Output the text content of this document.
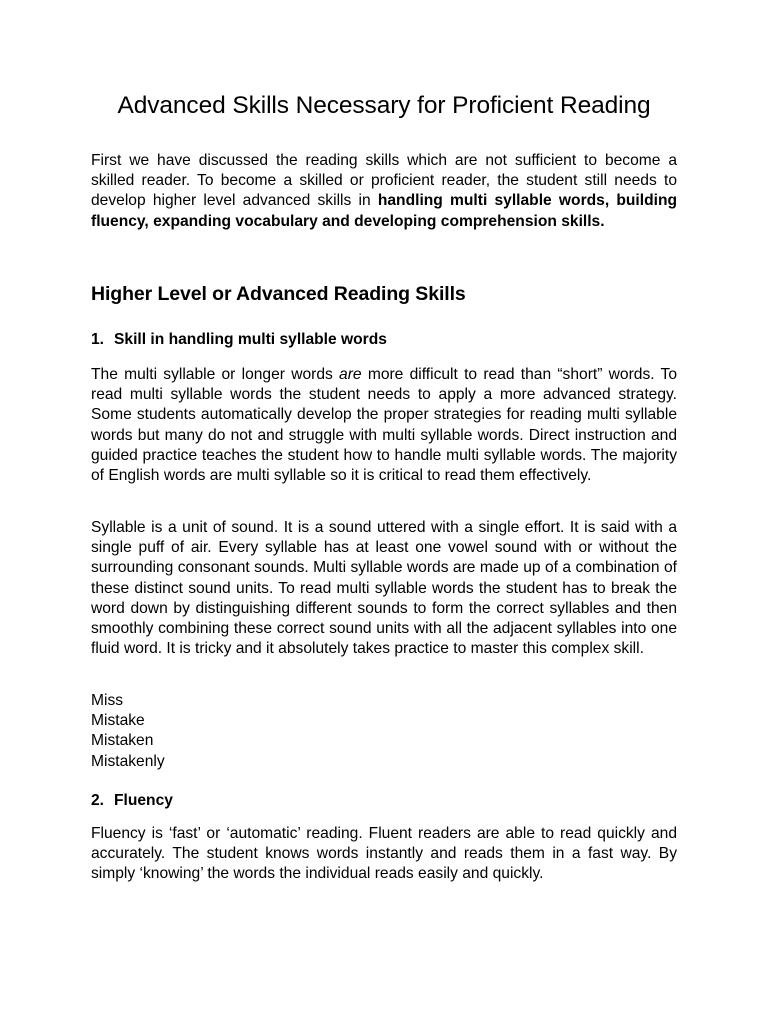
Advanced Skills Necessary for Proficient Reading

First we have discussed the reading skills which are not sufficient to become a skilled reader. To become a skilled or proficient reader, the student still needs to develop higher level advanced skills in handling multi syllable words, building fluency, expanding vocabulary and developing comprehension skills.

Higher Level or Advanced Reading Skills
1. Skill in handling multi syllable words

The multi syllable or longer words are more difficult to read than “short” words. To read multi syllable words the student needs to apply a more advanced strategy. Some students automatically develop the proper strategies for reading multi syllable words but many do not and struggle with multi syllable words. Direct instruction and guided practice teaches the student how to handle multi syllable words. The majority of English words are multi syllable so it is critical to read them effectively.

Syllable is a unit of sound. It is a sound uttered with a single effort. It is said with a single puff of air. Every syllable has at least one vowel sound with or without the surrounding consonant sounds. Multi syllable words are made up of a combination of these distinct sound units. To read multi syllable words the student has to break the word down by distinguishing different sounds to form the correct syllables and then smoothly combining these correct sound units with all the adjacent syllables into one fluid word. It is tricky and it absolutely takes practice to master this complex skill.

Miss
Mistake
Mistaken
Mistakenly
2. Fluency

Fluency is ‘fast’ or ‘automatic’ reading. Fluent readers are able to read quickly and accurately. The student knows words instantly and reads them in a fast way. By simply ‘knowing’ the words the individual reads easily and quickly.
